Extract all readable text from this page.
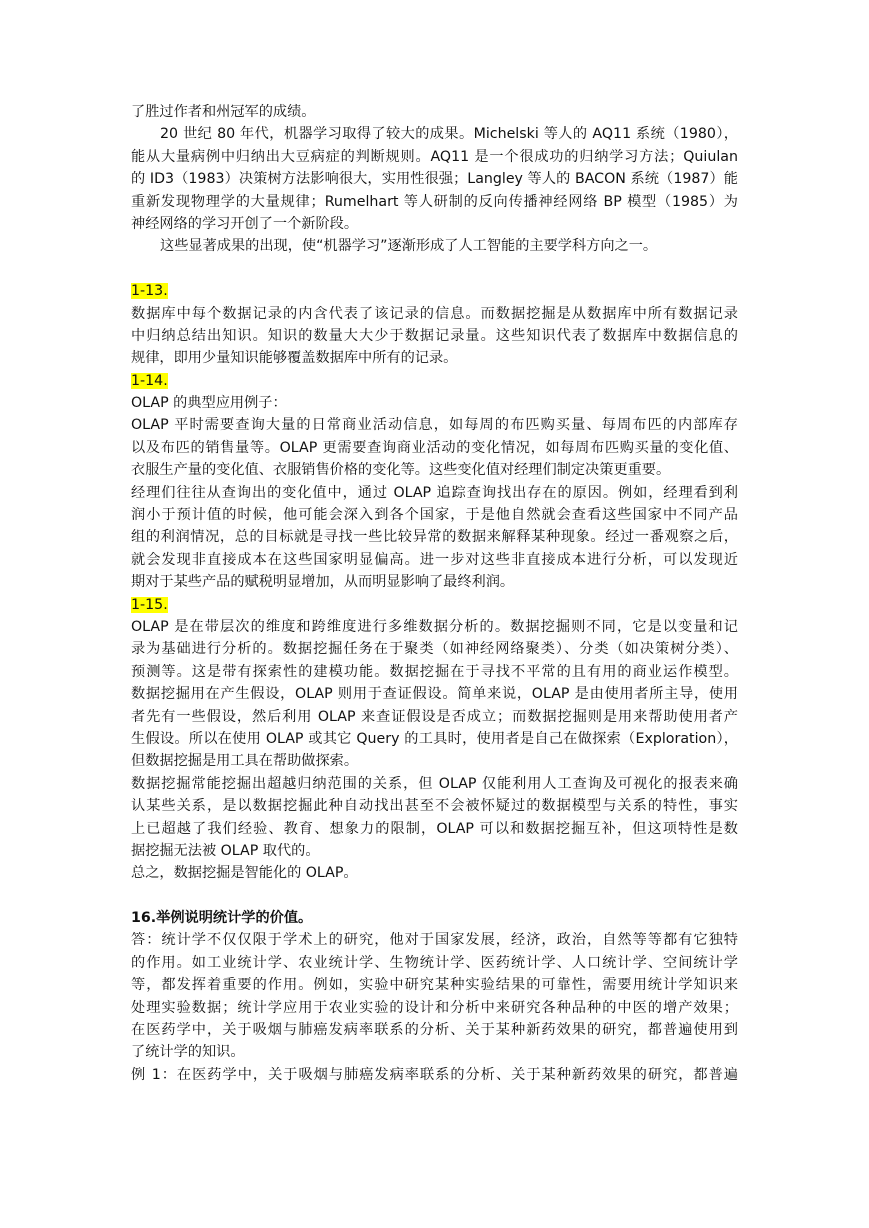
了胜过作者和州冠军的成绩。
20 世纪 80 年代，机器学习取得了较大的成果。Michelski 等人的 AQ11 系统（1980），
能从大量病例中归纳出大豆病症的判断规则。AQ11 是一个很成功的归纳学习方法；Quiulan
的 ID3（1983）决策树方法影响很大，实用性很强；Langley 等人的 BACON 系统（1987）能
重新发现物理学的大量规律；Rumelhart 等人研制的反向传播神经网络 BP 模型（1985）为
神经网络的学习开创了一个新阶段。
这些显著成果的出现，使“机器学习”逐渐形成了人工智能的主要学科方向之一。
1-13.
数据库中每个数据记录的内含代表了该记录的信息。而数据挖掘是从数据库中所有数据记录
中归纳总结出知识。知识的数量大大少于数据记录量。这些知识代表了数据库中数据信息的
规律，即用少量知识能够覆盖数据库中所有的记录。
1-14.
OLAP 的典型应用例子：
OLAP 平时需要查询大量的日常商业活动信息，如每周的布匹购买量、每周布匹的内部库存
以及布匹的销售量等。OLAP 更需要查询商业活动的变化情况，如每周布匹购买量的变化值、
衣服生产量的变化值、衣服销售价格的变化等。这些变化值对经理们制定决策更重要。
经理们往往从查询出的变化值中，通过 OLAP 追踪查询找出存在的原因。例如，经理看到利
润小于预计值的时候，他可能会深入到各个国家，于是他自然就会查看这些国家中不同产品
组的利润情况，总的目标就是寻找一些比较异常的数据来解释某种现象。经过一番观察之后，
就会发现非直接成本在这些国家明显偏高。进一步对这些非直接成本进行分析，可以发现近
期对于某些产品的赋税明显增加，从而明显影响了最终利润。
1-15.
OLAP 是在带层次的维度和跨维度进行多维数据分析的。数据挖掘则不同，它是以变量和记
录为基础进行分析的。数据挖掘任务在于聚类（如神经网络聚类）、分类（如决策树分类）、
预测等。这是带有探索性的建模功能。数据挖掘在于寻找不平常的且有用的商业运作模型。
数据挖掘用在产生假设，OLAP 则用于查证假设。简单来说，OLAP 是由使用者所主导，使用
者先有一些假设，然后利用 OLAP 来查证假设是否成立；而数据挖掘则是用来帮助使用者产
生假设。所以在使用 OLAP 或其它 Query 的工具时，使用者是自己在做探索（Exploration），
但数据挖掘是用工具在帮助做探索。
数据挖掘常能挖掘出超越归纳范围的关系，但 OLAP 仅能利用人工查询及可视化的报表来确
认某些关系，是以数据挖掘此种自动找出甚至不会被怀疑过的数据模型与关系的特性，事实
上已超越了我们经验、教育、想象力的限制，OLAP 可以和数据挖掘互补，但这项特性是数
据挖掘无法被 OLAP 取代的。
总之，数据挖掘是智能化的 OLAP。
16.举例说明统计学的价值。
答：统计学不仅仅限于学术上的研究，他对于国家发展，经济，政治，自然等等都有它独特
的作用。如工业统计学、农业统计学、生物统计学、医药统计学、人口统计学、空间统计学
等，都发挥着重要的作用。例如，实验中研究某种实验结果的可靠性，需要用统计学知识来
处理实验数据；统计学应用于农业实验的设计和分析中来研究各种品种的中医的增产效果；
在医药学中，关于吸烟与肺癌发病率联系的分析、关于某种新药效果的研究，都普遍使用到
了统计学的知识。
例 1：在医药学中，关于吸烟与肺癌发病率联系的分析、关于某种新药效果的研究，都普遍
